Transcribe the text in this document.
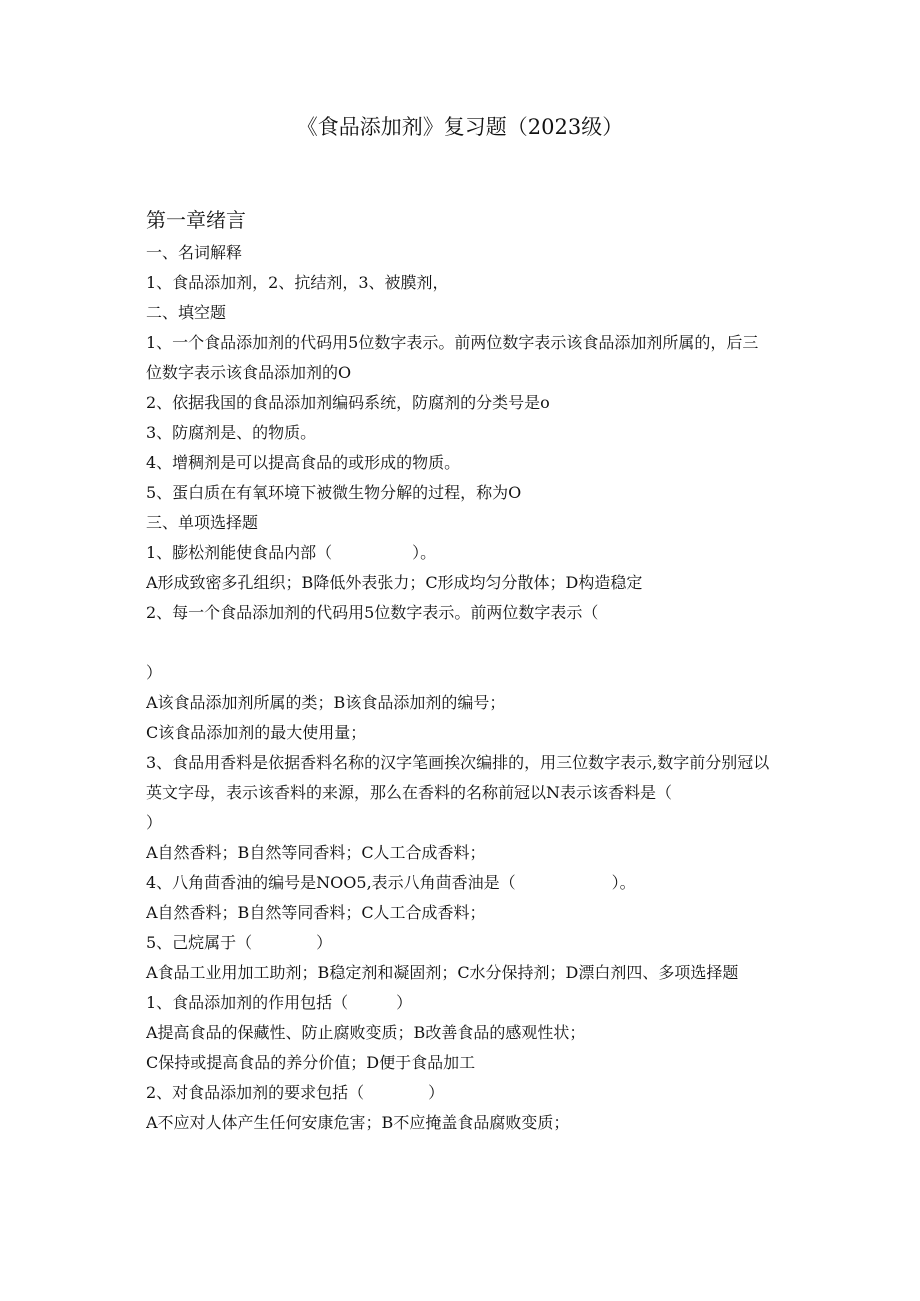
《食品添加剂》复习题（2023级）
第一章绪言
一、名词解释
1、食品添加剂，2、抗结剂，3、被膜剂，
二、填空题
1、一个食品添加剂的代码用5位数字表示。前两位数字表示该食品添加剂所属的，后三位数字表示该食品添加剂的O
2、依据我国的食品添加剂编码系统，防腐剂的分类号是o
3、防腐剂是、的物质。
4、增稠剂是可以提高食品的或形成的物质。
5、蛋白质在有氧环境下被微生物分解的过程，称为O
三、单项选择题
1、膨松剂能使食品内部（　　　　　）。
A形成致密多孔组织；B降低外表张力；C形成均匀分散体；D构造稳定
2、每一个食品添加剂的代码用5位数字表示。前两位数字表示（
）
A该食品添加剂所属的类；B该食品添加剂的编号；
C该食品添加剂的最大使用量；
3、食品用香料是依据香料名称的汉字笔画挨次编排的，用三位数字表示,数字前分别冠以英文字母，表示该香料的来源，那么在香料的名称前冠以N表示该香料是（　　　　　　）
A自然香料；B自然等同香料；C人工合成香料；
4、八角茴香油的编号是NOO5,表示八角茴香油是（　　　　　　）。
A自然香料；B自然等同香料；C人工合成香料；
5、己烷属于（　　　　）
A食品工业用加工助剂；B稳定剂和凝固剂；C水分保持剂；D漂白剂四、多项选择题
1、食品添加剂的作用包括（　　　）
A提高食品的保藏性、防止腐败变质；B改善食品的感观性状；
C保持或提高食品的养分价值；D便于食品加工
2、对食品添加剂的要求包括（　　　　）
A不应对人体产生任何安康危害；B不应掩盖食品腐败变质；
